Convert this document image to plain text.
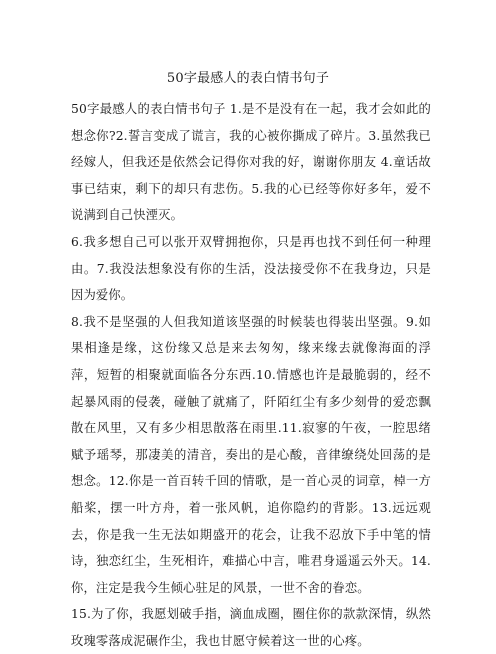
50字最感人的表白情书句子

50字最感人的表白情书句子 1.是不是没有在一起，我才会如此的想念你?2.誓言变成了谎言，我的心被你撕成了碎片。3.虽然我已经嫁人，但我还是依然会记得你对我的好，谢谢你朋友 4.童话故事已结束，剩下的却只有悲伤。5.我的心已经等你好多年，爱不说满到自己快湮灭。

6.我多想自己可以张开双臂拥抱你，只是再也找不到任何一种理由。7.我没法想象没有你的生活，没法接受你不在我身边，只是因为爱你。

8.我不是坚强的人但我知道该坚强的时候装也得装出坚强。9.如果相逢是缘，这份缘又总是来去匆匆，缘来缘去就像海面的浮萍，短暂的相聚就面临各分东西.10.情感也许是最脆弱的，经不起暴风雨的侵袭，碰触了就痛了，阡陌红尘有多少刻骨的爱恋飘散在风里，又有多少相思散落在雨里.11.寂寥的午夜，一腔思绪赋予瑶琴，那凄美的清音，奏出的是心酸，音律缭绕处回荡的是想念。12.你是一首百转千回的情歌，是一首心灵的词章，棹一方船桨，摆一叶方舟，着一张风帆，追你隐约的背影。13.远远观去，你是我一生无法如期盛开的花会，让我不忍放下手中笔的情诗，独恋红尘，生死相许，难描心中言，唯君身遥遥云外天。14.你，注定是我今生倾心驻足的风景，一世不舍的眷恋。

15.为了你，我愿划破手指，滴血成圈，圈住你的款款深情，纵然玫瑰零落成泥碾作尘，我也甘愿守候着这一世的心疼。
